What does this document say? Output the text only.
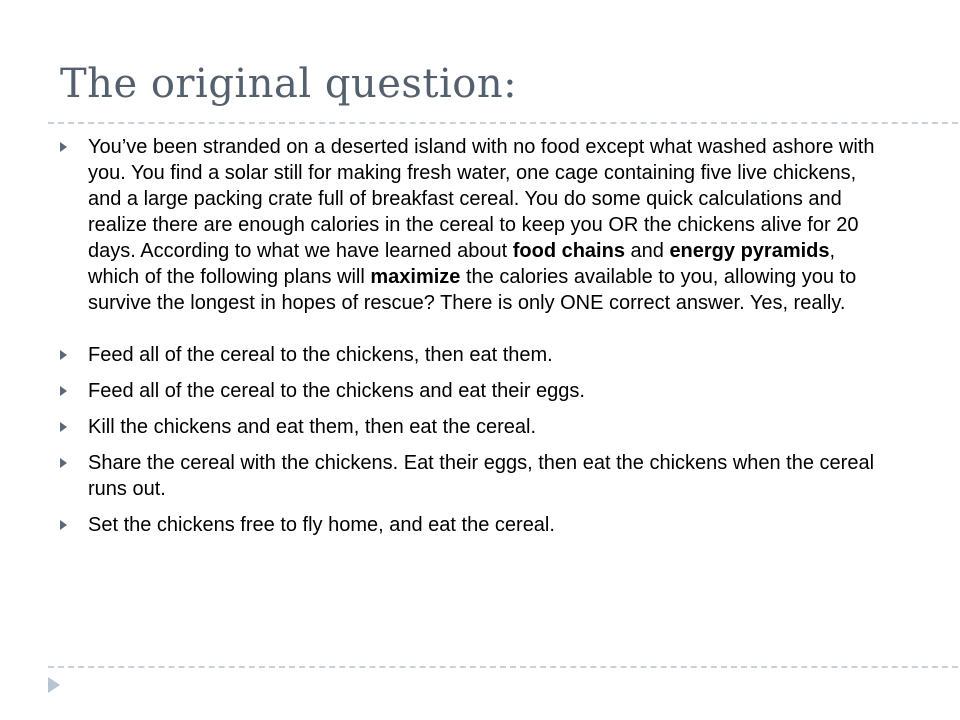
The original question:
You’ve been stranded on a deserted island with no food except what washed ashore with you. You find a solar still for making fresh water, one cage containing five live chickens, and a large packing crate full of breakfast cereal. You do some quick calculations and realize there are enough calories in the cereal to keep you OR the chickens alive for 20 days. According to what we have learned about food chains and energy pyramids, which of the following plans will maximize the calories available to you, allowing you to survive the longest in hopes of rescue? There is only ONE correct answer. Yes, really.
Feed all of the cereal to the chickens, then eat them.
Feed all of the cereal to the chickens and eat their eggs.
Kill the chickens and eat them, then eat the cereal.
Share the cereal with the chickens. Eat their eggs, then eat the chickens when the cereal runs out.
Set the chickens free to fly home, and eat the cereal.
